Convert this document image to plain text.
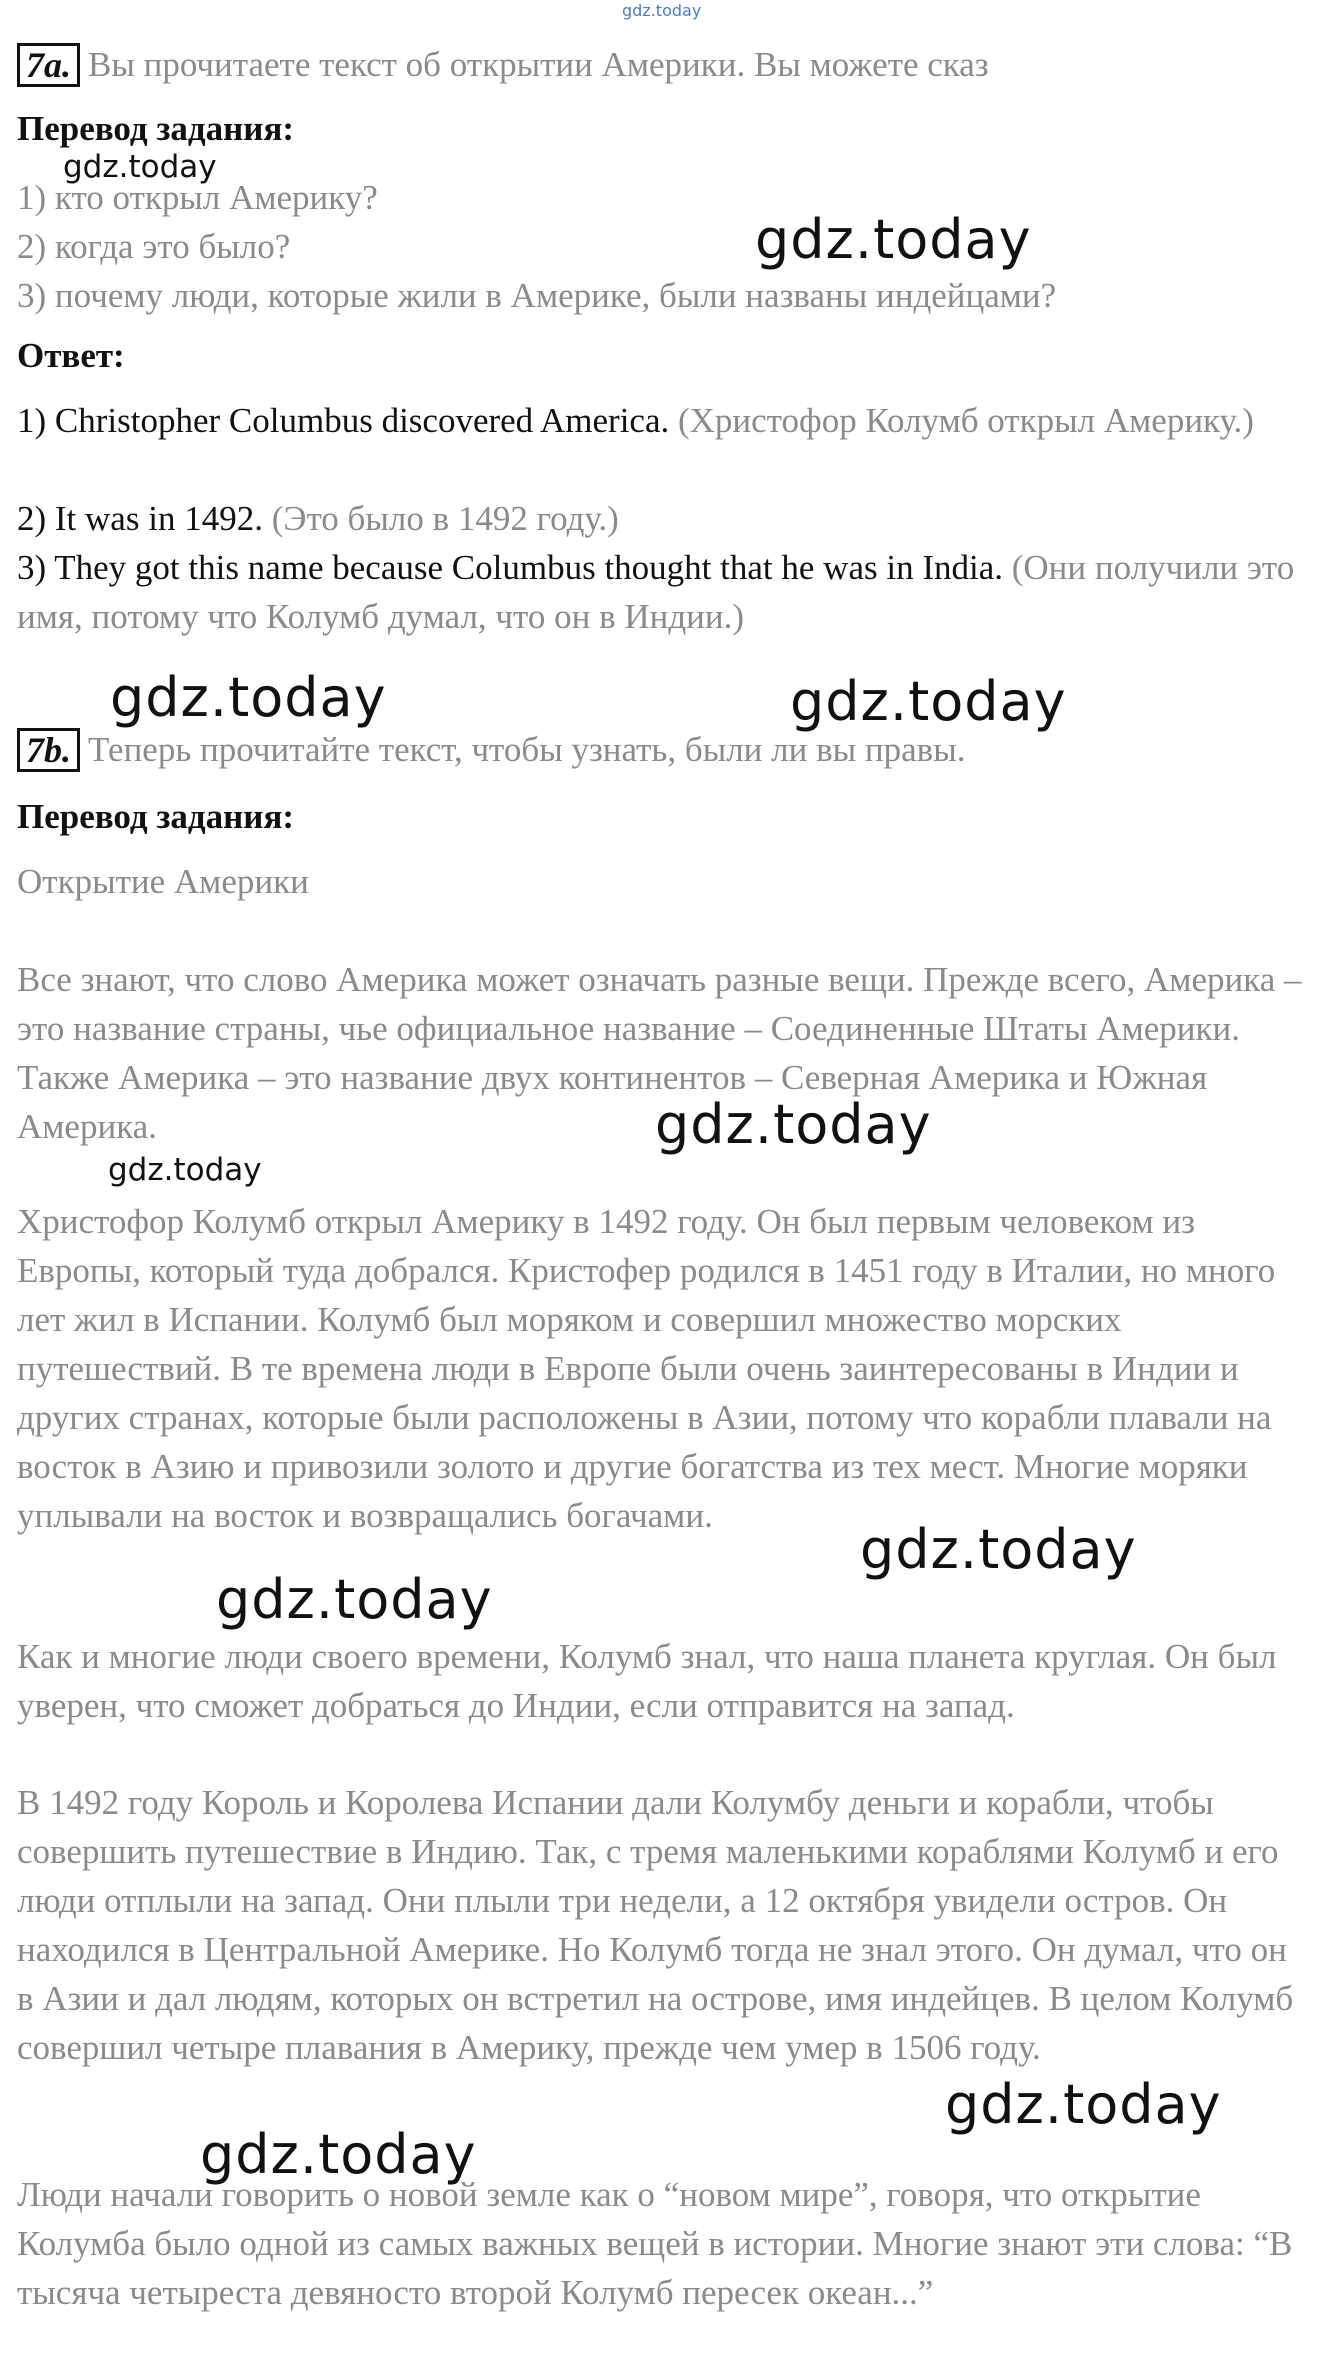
gdz.today
7a. Вы прочитаете текст об открытии Америки. Вы можете сказ
Перевод задания:
1) кто открыл Америку?
2) когда это было?
3) почему люди, которые жили в Америке, были названы индейцами?
Ответ:
1) Christopher Columbus discovered America. (Христофор Колумб открыл Америку.)
2) It was in 1492. (Это было в 1492 году.)
3) They got this name because Columbus thought that he was in India. (Они получили это имя, потому что Колумб думал, что он в Индии.)
7b. Теперь прочитайте текст, чтобы узнать, были ли вы правы.
Перевод задания:
Открытие Америки
Все знают, что слово Америка может означать разные вещи. Прежде всего, Америка – это название страны, чье официальное название – Соединенные Штаты Америки. Также Америка – это название двух континентов – Северная Америка и Южная Америка.
Христофор Колумб открыл Америку в 1492 году. Он был первым человеком из Европы, который туда добрался. Кристофер родился в 1451 году в Италии, но много лет жил в Испании. Колумб был моряком и совершил множество морских путешествий. В те времена люди в Европе были очень заинтересованы в Индии и других странах, которые были расположены в Азии, потому что корабли плавали на восток в Азию и привозили золото и другие богатства из тех мест. Многие моряки уплывали на восток и возвращались богачами.
Как и многие люди своего времени, Колумб знал, что наша планета круглая. Он был уверен, что сможет добраться до Индии, если отправится на запад.
В 1492 году Король и Королева Испании дали Колумбу деньги и корабли, чтобы совершить путешествие в Индию. Так, с тремя маленькими кораблями Колумб и его люди отплыли на запад. Они плыли три недели, а 12 октября увидели остров. Он находился в Центральной Америке. Но Колумб тогда не знал этого. Он думал, что он в Азии и дал людям, которых он встретил на острове, имя индейцев. В целом Колумб совершил четыре плавания в Америку, прежде чем умер в 1506 году.
Люди начали говорить о новой земле как о “новом мире”, говоря, что открытие Колумба было одной из самых важных вещей в истории. Многие знают эти слова: “В тысяча четыреста девяносто второй Колумб пересек океан...”
gdz.today
gdz.today
gdz.today	gdz.today
gdz.today
gdz.today
gdz.today
gdz.today
gdz.today
gdz.today
